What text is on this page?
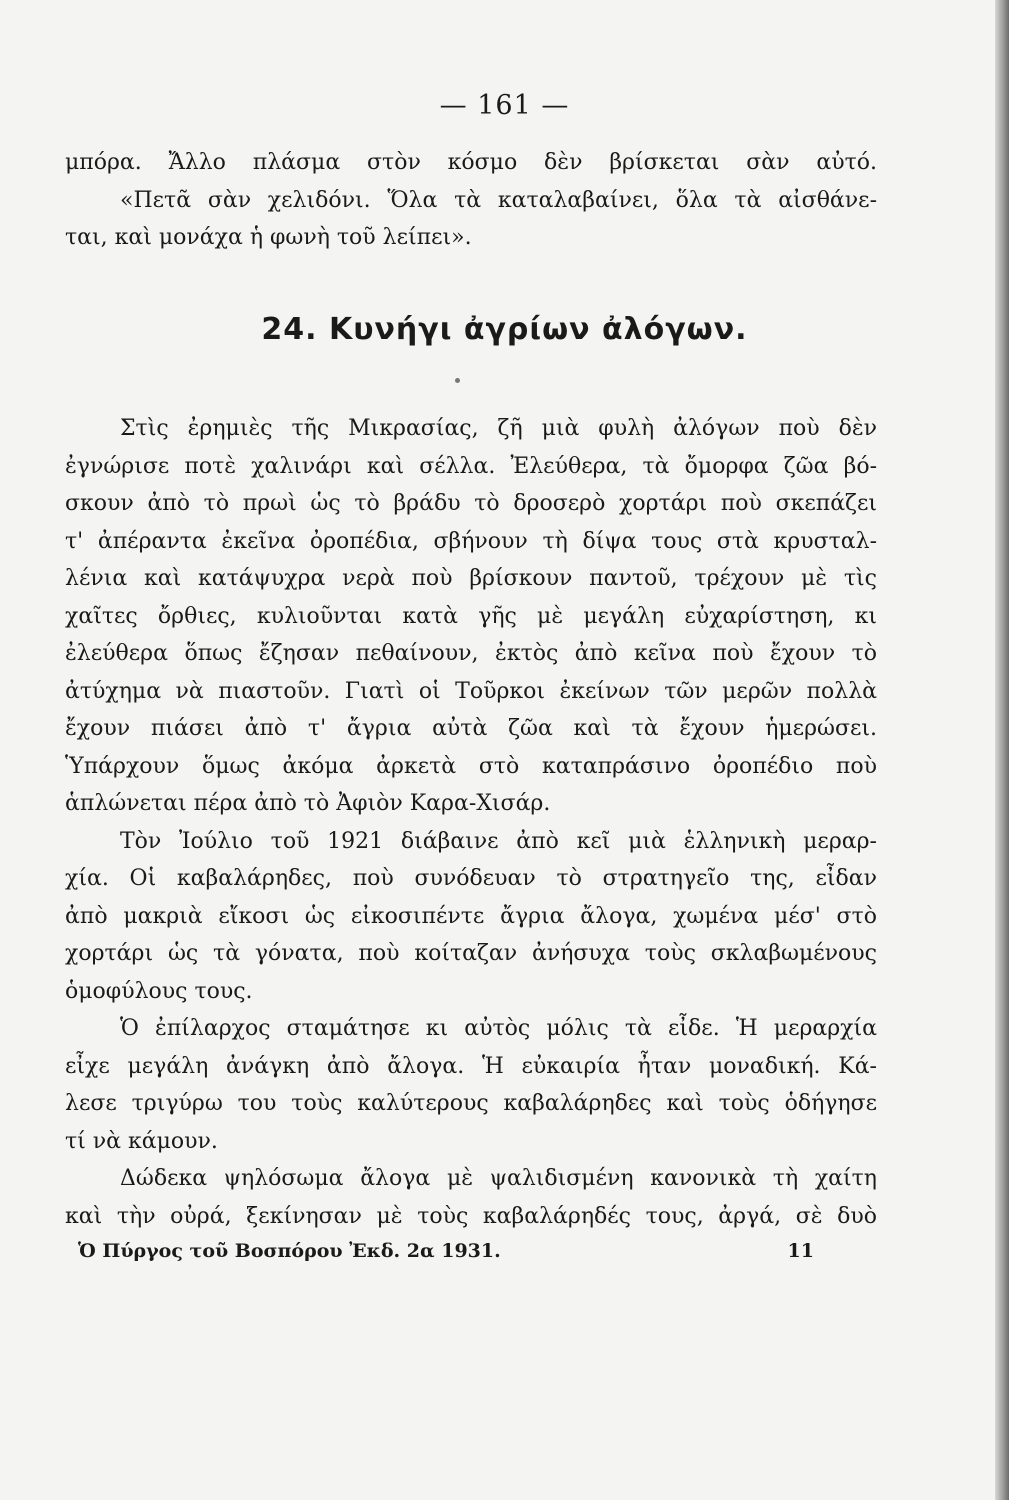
— 161 —
μπόρα. Ἄλλο πλάσμα στὸν κόσμο δὲν βρίσκεται σὰν αὐτό.
«Πετᾶ σὰν χελιδόνι. Ὅλα τὰ καταλαβαίνει, ὅλα τὰ αἰσθάνε-
ται, καὶ μονάχα ἡ φωνὴ τοῦ λείπει».
24. Κυνήγι ἀγρίων ἀλόγων.
Στὶς ἐρημιὲς τῆς Μικρασίας, ζῆ μιὰ φυλὴ ἀλόγων ποὺ δὲν
ἐγνώρισε ποτὲ χαλινάρι καὶ σέλλα. Ἐλεύθερα, τὰ ὄμορφα ζῶα βό-
σκουν ἀπὸ τὸ πρωὶ ὡς τὸ βράδυ τὸ δροσερὸ χορτάρι ποὺ σκεπάζει
τ' ἀπέραντα ἐκεῖνα ὀροπέδια, σβήνουν τὴ δίψα τους στὰ κρυσταλ-
λένια καὶ κατάψυχρα νερὰ ποὺ βρίσκουν παντοῦ, τρέχουν μὲ τὶς
χαῖτες ὄρθιες, κυλιοῦνται κατὰ γῆς μὲ μεγάλη εὐχαρίστηση, κι
ἐλεύθερα ὅπως ἔζησαν πεθαίνουν, ἐκτὸς ἀπὸ κεῖνα ποὺ ἔχουν τὸ
ἀτύχημα νὰ πιαστοῦν. Γιατὶ οἱ Τοῦρκοι ἐκείνων τῶν μερῶν πολλὰ
ἔχουν πιάσει ἀπὸ τ' ἄγρια αὐτὰ ζῶα καὶ τὰ ἔχουν ἡμερώσει.
Ὑπάρχουν ὅμως ἀκόμα ἀρκετὰ στὸ καταπράσινο ὀροπέδιο ποὺ
ἁπλώνεται πέρα ἀπὸ τὸ Ἀφιὸν Καρα-Χισάρ.
Τὸν Ἰούλιο τοῦ 1921 διάβαινε ἀπὸ κεῖ μιὰ ἑλληνικὴ μεραρ-
χία. Οἱ καβαλάρηδες, ποὺ συνόδευαν τὸ στρατηγεῖο της, εἶδαν
ἀπὸ μακριὰ εἴκοσι ὡς εἰκοσιπέντε ἄγρια ἄλογα, χωμένα μέσ' στὸ
χορτάρι ὡς τὰ γόνατα, ποὺ κοίταζαν ἀνήσυχα τοὺς σκλαβωμένους
ὁμοφύλους τους.
Ὁ ἐπίλαρχος σταμάτησε κι αὐτὸς μόλις τὰ εἶδε. Ἡ μεραρχία
εἶχε μεγάλη ἀνάγκη ἀπὸ ἄλογα. Ἡ εὐκαιρία ἦταν μοναδική. Κά-
λεσε τριγύρω του τοὺς καλύτερους καβαλάρηδες καὶ τοὺς ὁδήγησε
τί νὰ κάμουν.
Δώδεκα ψηλόσωμα ἄλογα μὲ ψαλιδισμένη κανονικὰ τὴ χαίτη
καὶ τὴν οὐρά, ξεκίνησαν μὲ τοὺς καβαλάρηδές τους, ἀργά, σὲ δυὸ
Ὁ Πύργος τοῦ Βοσπόρου Ἐκδ. 2α 1931.	11
